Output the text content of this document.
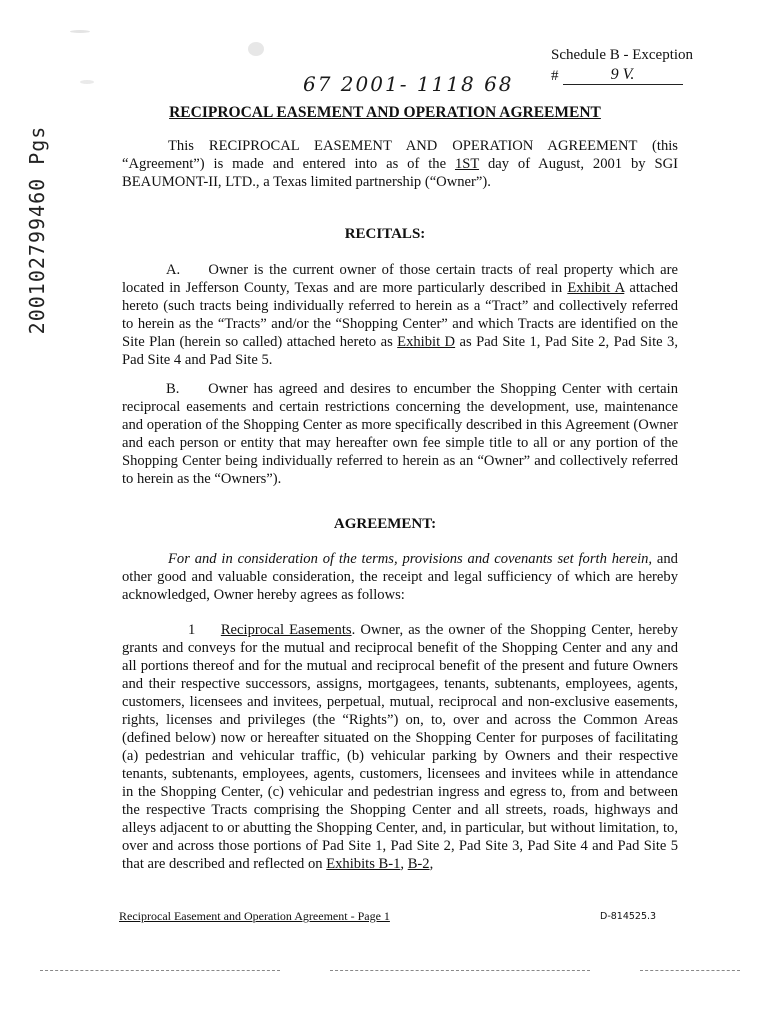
200102799460 Pgs
Schedule B - Exception
#	9 V.
67 2001- 1118 68
RECIPROCAL EASEMENT AND OPERATION AGREEMENT
This RECIPROCAL EASEMENT AND OPERATION AGREEMENT (this “Agreement”) is made and entered into as of the 1ST day of August, 2001 by SGI BEAUMONT-II, LTD., a Texas limited partnership (“Owner”).
RECITALS:
A. Owner is the current owner of those certain tracts of real property which are located in Jefferson County, Texas and are more particularly described in Exhibit A attached hereto (such tracts being individually referred to herein as a “Tract” and collectively referred to herein as the “Tracts” and/or the “Shopping Center” and which Tracts are identified on the Site Plan (herein so called) attached hereto as Exhibit D as Pad Site 1, Pad Site 2, Pad Site 3, Pad Site 4 and Pad Site 5.
B. Owner has agreed and desires to encumber the Shopping Center with certain reciprocal easements and certain restrictions concerning the development, use, maintenance and operation of the Shopping Center as more specifically described in this Agreement (Owner and each person or entity that may hereafter own fee simple title to all or any portion of the Shopping Center being individually referred to herein as an “Owner” and collectively referred to herein as the “Owners”).
AGREEMENT:
For and in consideration of the terms, provisions and covenants set forth herein, and other good and valuable consideration, the receipt and legal sufficiency of which are hereby acknowledged, Owner hereby agrees as follows:
1 Reciprocal Easements. Owner, as the owner of the Shopping Center, hereby grants and conveys for the mutual and reciprocal benefit of the Shopping Center and any and all portions thereof and for the mutual and reciprocal benefit of the present and future Owners and their respective successors, assigns, mortgagees, tenants, subtenants, employees, agents, customers, licensees and invitees, perpetual, mutual, reciprocal and non-exclusive easements, rights, licenses and privileges (the “Rights”) on, to, over and across the Common Areas (defined below) now or hereafter situated on the Shopping Center for purposes of facilitating (a) pedestrian and vehicular traffic, (b) vehicular parking by Owners and their respective tenants, subtenants, employees, agents, customers, licensees and invitees while in attendance in the Shopping Center, (c) vehicular and pedestrian ingress and egress to, from and between the respective Tracts comprising the Shopping Center and all streets, roads, highways and alleys adjacent to or abutting the Shopping Center, and, in particular, but without limitation, to, over and across those portions of Pad Site 1, Pad Site 2, Pad Site 3, Pad Site 4 and Pad Site 5 that are described and reflected on Exhibits B-1, B-2,
Reciprocal Easement and Operation Agreement - Page 1	D-814525.3
